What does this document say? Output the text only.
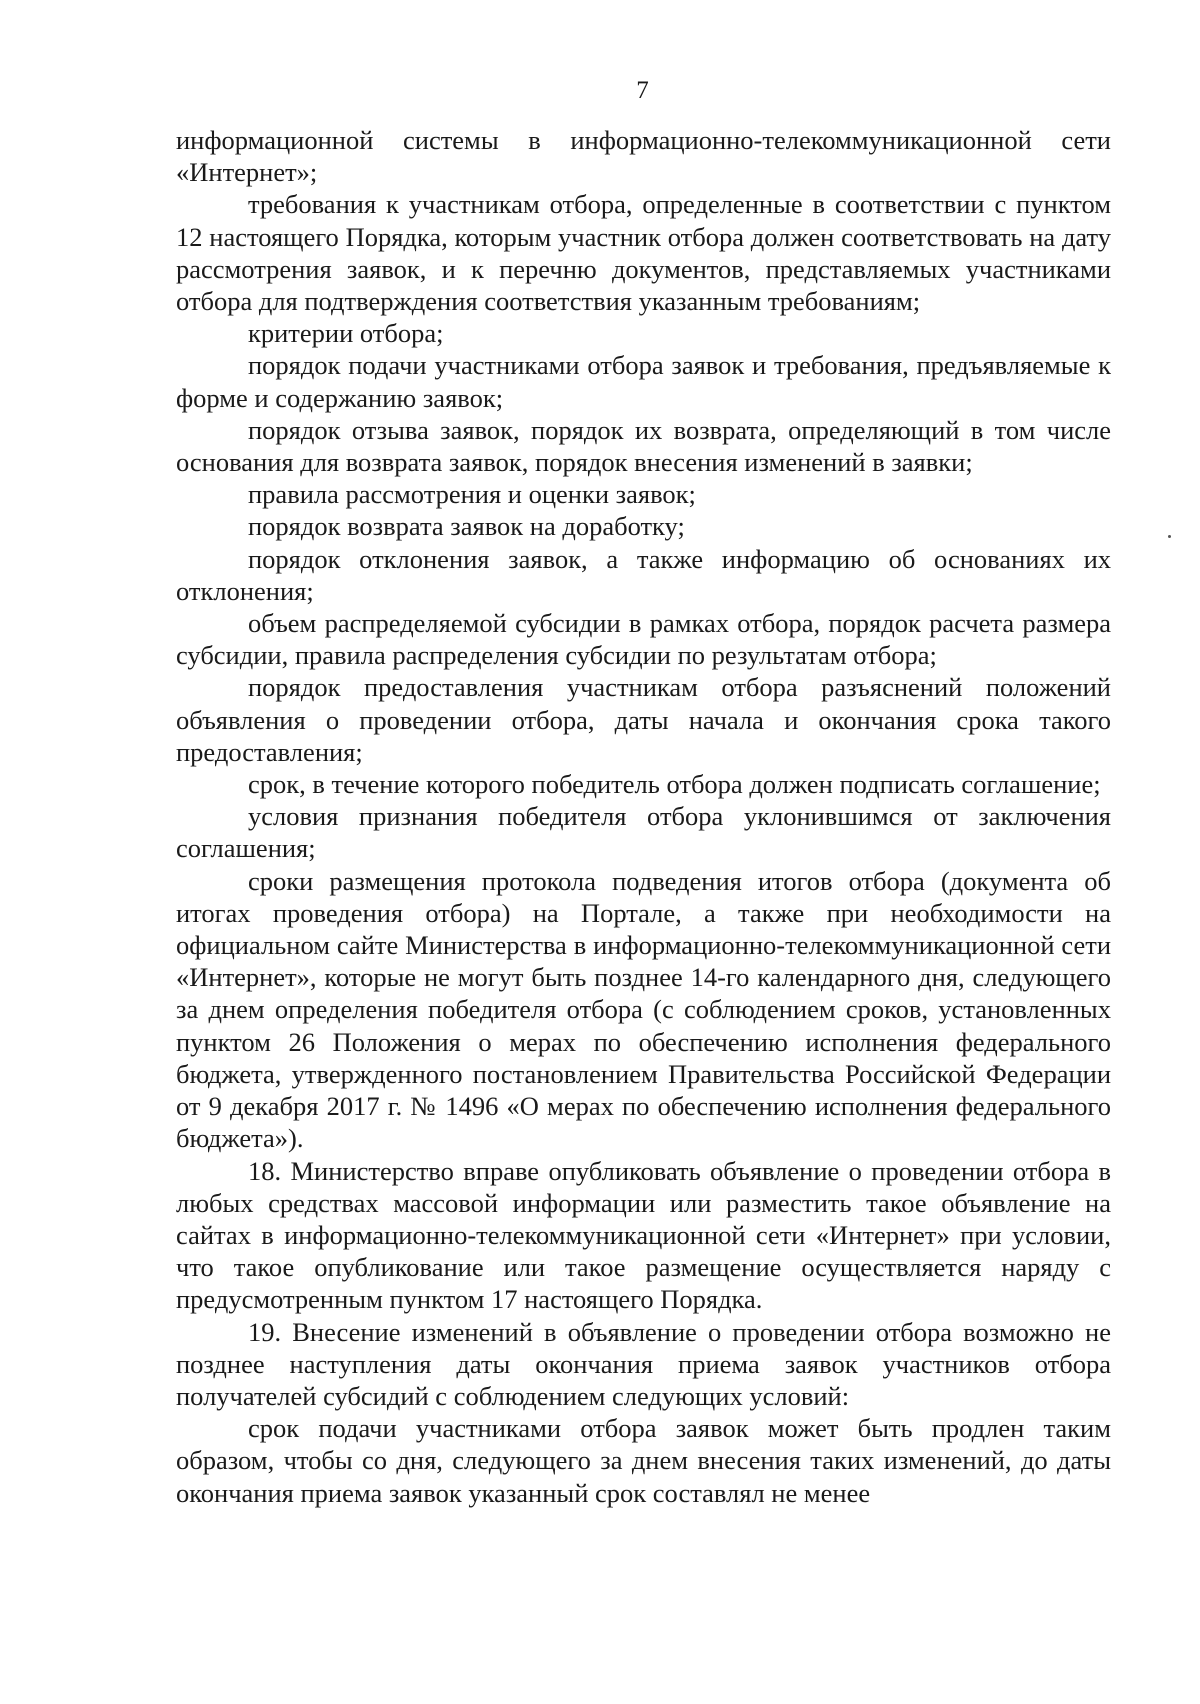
7

информационной системы в информационно-телекоммуникационной сети «Интернет»;

требования к участникам отбора, определенные в соответствии с пунктом 12 настоящего Порядка, которым участник отбора должен соответствовать на дату рассмотрения заявок, и к перечню документов, представляемых участниками отбора для подтверждения соответствия указанным требованиям;

критерии отбора;

порядок подачи участниками отбора заявок и требования, предъявляемые к форме и содержанию заявок;

порядок отзыва заявок, порядок их возврата, определяющий в том числе основания для возврата заявок, порядок внесения изменений в заявки;

правила рассмотрения и оценки заявок;

порядок возврата заявок на доработку;

порядок отклонения заявок, а также информацию об основаниях их отклонения;

объем распределяемой субсидии в рамках отбора, порядок расчета размера субсидии, правила распределения субсидии по результатам отбора;

порядок предоставления участникам отбора разъяснений положений объявления о проведении отбора, даты начала и окончания срока такого предоставления;

срок, в течение которого победитель отбора должен подписать соглашение;

условия признания победителя отбора уклонившимся от заключения соглашения;

сроки размещения протокола подведения итогов отбора (документа об итогах проведения отбора) на Портале, а также при необходимости на официальном сайте Министерства в информационно-телекоммуникационной сети «Интернет», которые не могут быть позднее 14-го календарного дня, следующего за днем определения победителя отбора (с соблюдением сроков, установленных пунктом 26 Положения о мерах по обеспечению исполнения федерального бюджета, утвержденного постановлением Правительства Российской Федерации от 9 декабря 2017 г. № 1496 «О мерах по обеспечению исполнения федерального бюджета»).

18. Министерство вправе опубликовать объявление о проведении отбора в любых средствах массовой информации или разместить такое объявление на сайтах в информационно-телекоммуникационной сети «Интернет» при условии, что такое опубликование или такое размещение осуществляется наряду с предусмотренным пунктом 17 настоящего Порядка.

19. Внесение изменений в объявление о проведении отбора возможно не позднее наступления даты окончания приема заявок участников отбора получателей субсидий с соблюдением следующих условий:

срок подачи участниками отбора заявок может быть продлен таким образом, чтобы со дня, следующего за днем внесения таких изменений, до даты окончания приема заявок указанный срок составлял не менее
